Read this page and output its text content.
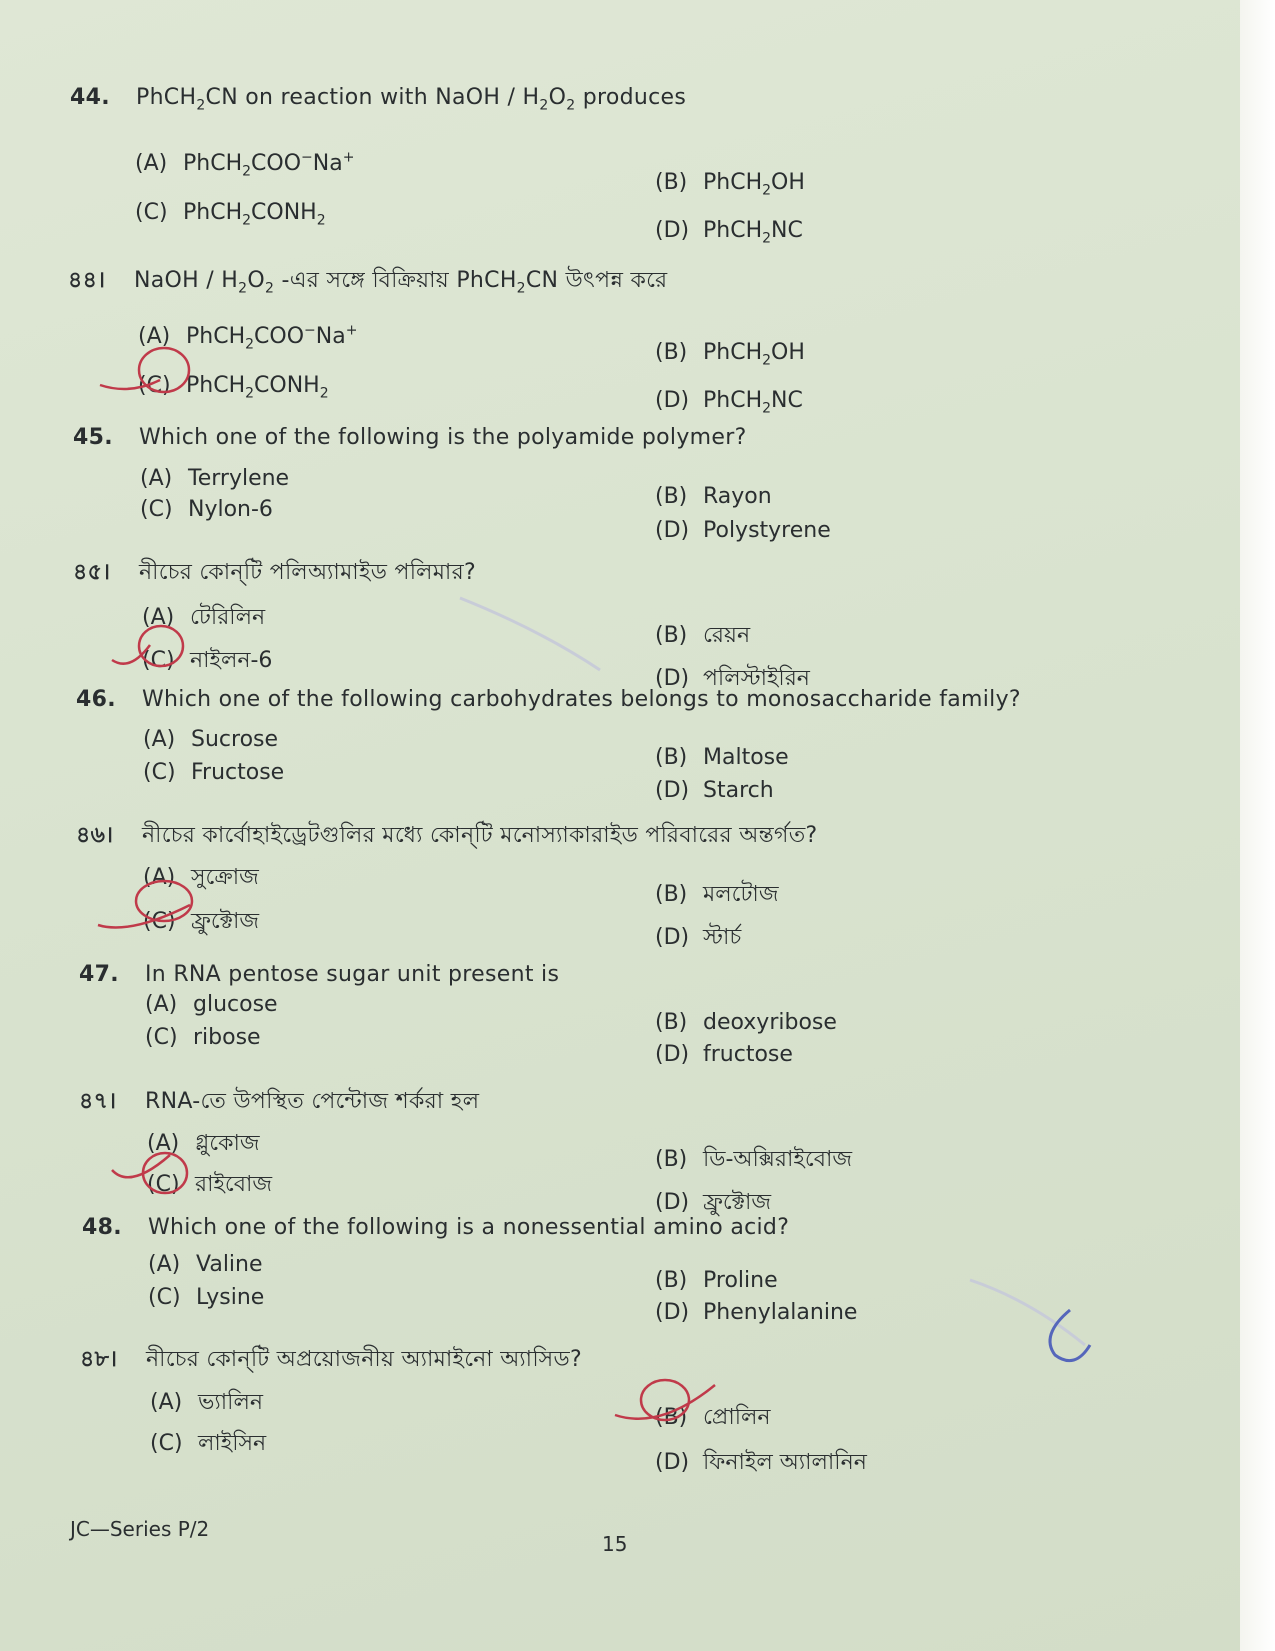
44. PhCH$_2$CN on reaction with NaOH / $H_2O_2$ produces
(A) PhCH$_2$COO−Na+
(B) PhCH$_2$OH
(C) $PhCH_2CONH_2$	(D) PhCH$_2$NC
৪৪। NaOH / $H_2O_2$ -এর সঙ্গে বিক্রিয়ায় PhCH$_2$CN উৎপন্ন করে
(A) PhCH$_2$COO−Na+
(B) PhCH$_2$OH
(C) $PhCH_2CONH_2$	(D) PhCH$_2$NC
45. Which one of the following is the polyamide polymer?
(A) Terrylene
(B) Rayon
(C) Nylon-6
(D) Polystyrene
৪৫। নীচের কোন্‌টি পলিঅ্যামাইড পলিমার?
(A) টেরিলিন
(B) রেয়ন
(C) নাইলন-6
(D) পলিস্টাইরিন
46. Which one of the following carbohydrates belongs to monosaccharide family?
(A) Sucrose
(B) Maltose
(C) Fructose
(D) Starch
৪৬। নীচের কার্বোহাইড্রেটগুলির মধ্যে কোন্‌টি মনোস্যাকারাইড পরিবারের অন্তর্গত?
(A) সুক্রোজ
(B) মলটোজ
(C) ফ্রুক্টোজ
(D) স্টার্চ
47. In RNA pentose sugar unit present is
(A) glucose
(B) deoxyribose
(C) ribose
(D) fructose
৪৭। RNA-তে উপস্থিত পেন্টোজ শর্করা হল
(A) গ্লুকোজ
(B) ডি-অক্সিরাইবোজ
(C) রাইবোজ
(D) ফ্রুক্টোজ
48. Which one of the following is a nonessential amino acid?
(A) Valine
(B) Proline
(C) Lysine
(D) Phenylalanine
৪৮। নীচের কোন্‌টি অপ্রয়োজনীয় অ্যামাইনো অ্যাসিড?
(A) ভ্যালিন
(B) প্রোলিন
(C) লাইসিন
(D) ফিনাইল অ্যালানিন
JC—Series P/2
15
